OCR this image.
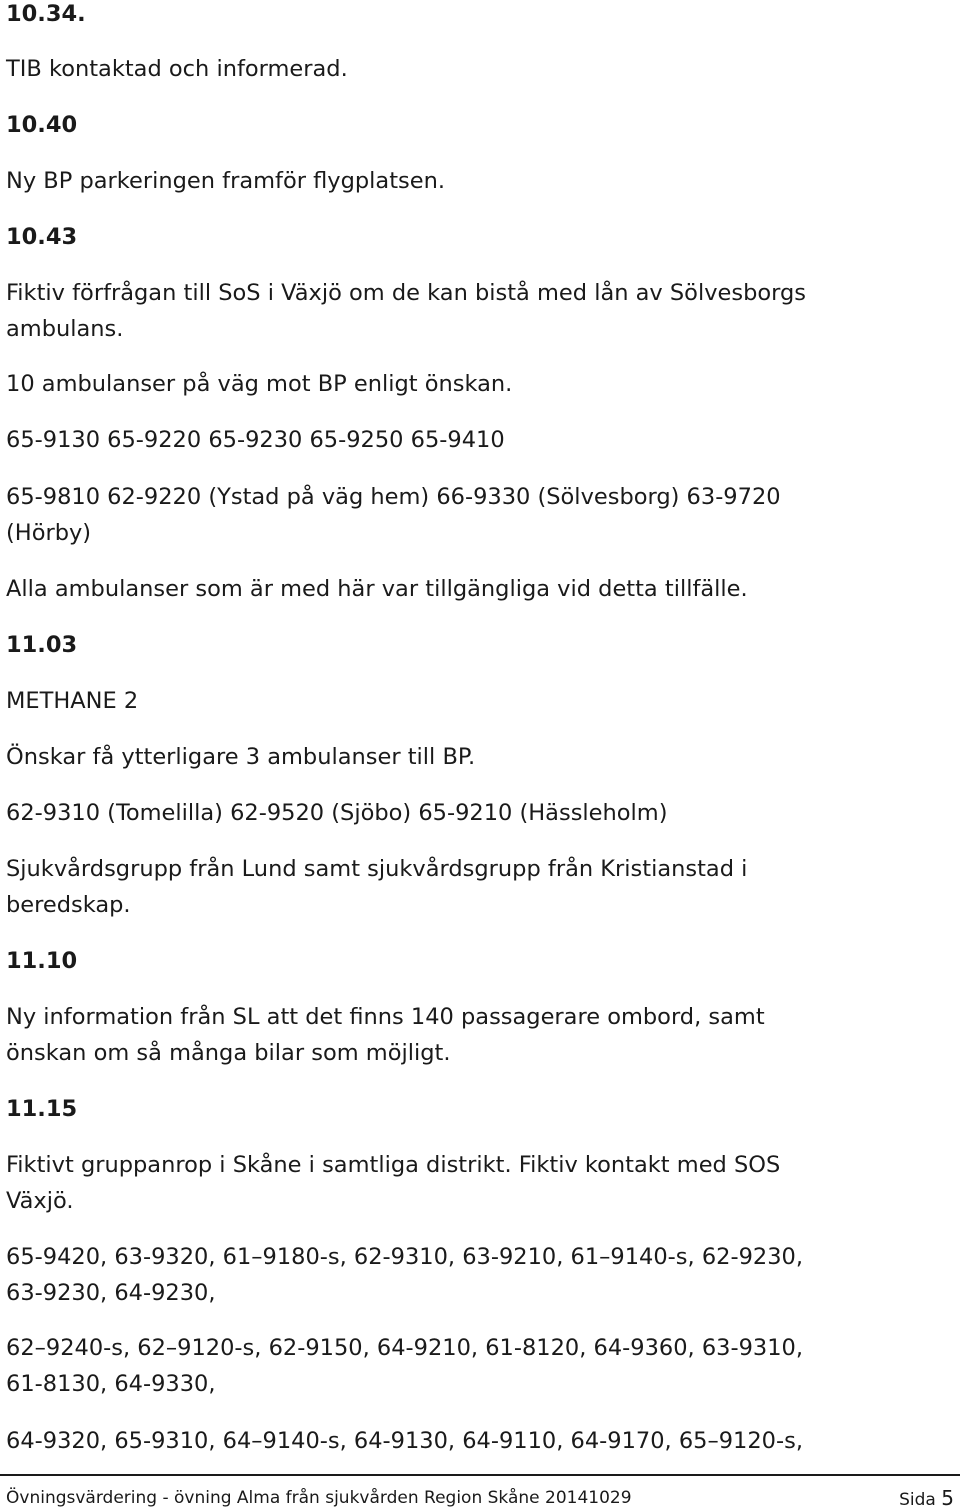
10.34.
TIB kontaktad och informerad.
10.40
Ny BP parkeringen framför flygplatsen.
10.43
Fiktiv förfrågan till SoS i Växjö om de kan bistå med lån av Sölvesborgs
ambulans.
10 ambulanser på väg mot BP enligt önskan.
65-9130 65-9220 65-9230 65-9250 65-9410
65-9810 62-9220 (Ystad på väg hem) 66-9330 (Sölvesborg) 63-9720
(Hörby)
Alla ambulanser som är med här var tillgängliga vid detta tillfälle.
11.03
METHANE 2
Önskar få ytterligare 3 ambulanser till BP.
62-9310 (Tomelilla) 62-9520 (Sjöbo) 65-9210 (Hässleholm)
Sjukvårdsgrupp från Lund samt sjukvårdsgrupp från Kristianstad i
beredskap.
11.10
Ny information från SL att det finns 140 passagerare ombord, samt
önskan om så många bilar som möjligt.
11.15
Fiktivt gruppanrop i Skåne i samtliga distrikt. Fiktiv kontakt med SOS
Växjö.
65-9420, 63-9320, 61–9180-s, 62-9310, 63-9210, 61–9140-s, 62-9230,
63-9230, 64-9230,
62–9240-s, 62–9120-s, 62-9150, 64-9210, 61-8120, 64-9360, 63-9310,
61-8130, 64-9330,
64-9320, 65-9310, 64–9140-s, 64-9130, 64-9110, 64-9170, 65–9120-s,
Övningsvärdering - övning Alma från sjukvården Region Skåne 20141029	Sida 5
